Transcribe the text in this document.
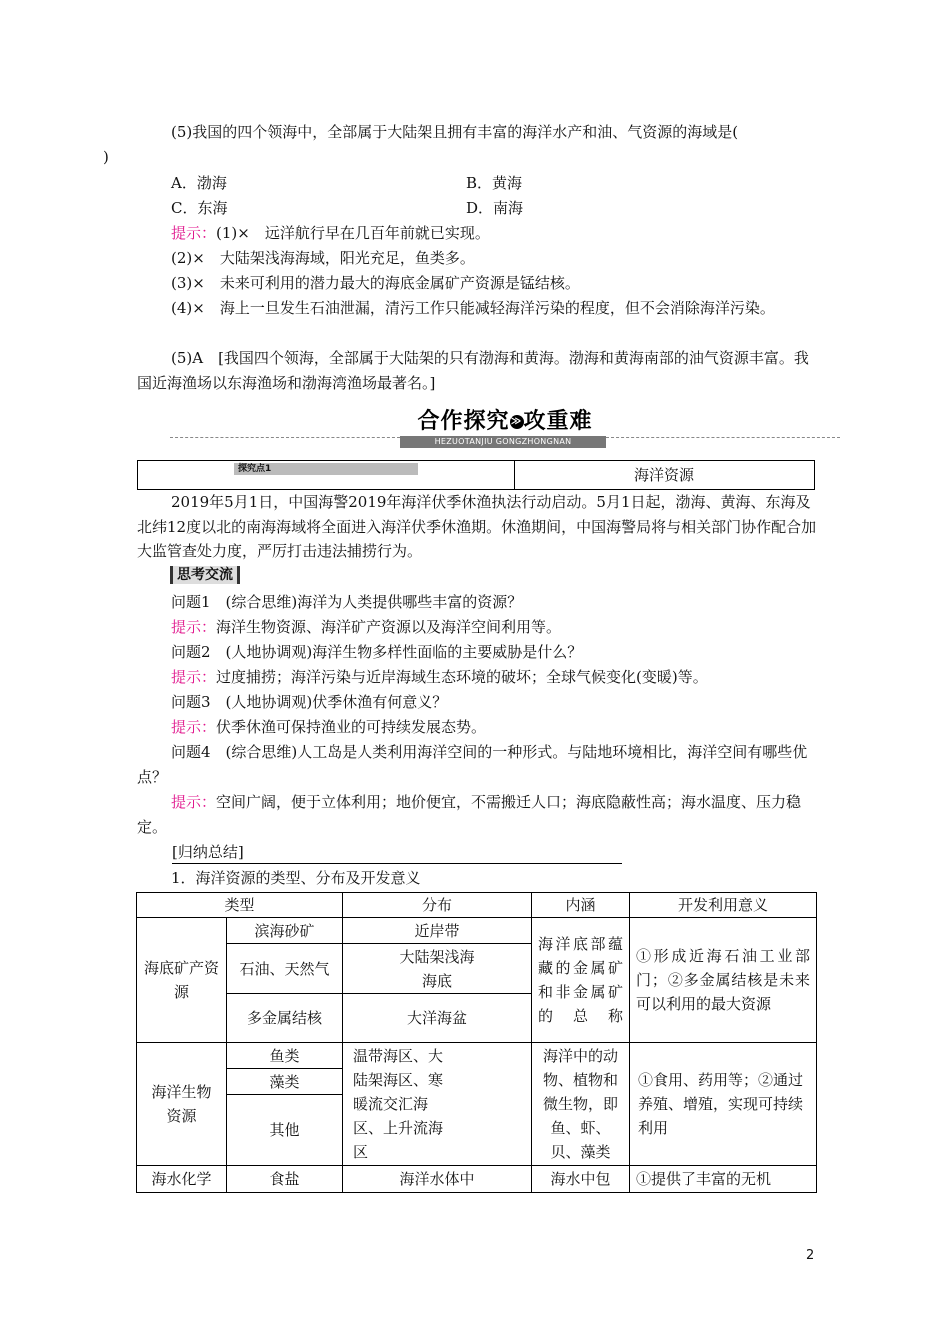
(5)我国的四个领海中，全部属于大陆架且拥有丰富的海洋水产和油、气资源的海域是(
)

A．渤海	B．黄海
C．东海	D．南海

提示：(1)×　远洋航行早在几百年前就已实现。

(2)×　大陆架浅海海域，阳光充足，鱼类多。

(3)×　未来可利用的潜力最大的海底金属矿产资源是锰结核。

(4)×　海上一旦发生石油泄漏，清污工作只能减轻海洋污染的程度，但不会消除海洋污染。

(5)A　[我国四个领海，全部属于大陆架的只有渤海和黄海。渤海和黄海南部的油气资源丰富。我国近海渔场以东海渔场和渤海湾渔场最著名。]

合作探究≫攻重难
HEZUOTANJIU GONGZHONGNAN
探究点1	海洋资源

2019年5月1日，中国海警2019年海洋伏季休渔执法行动启动。5月1日起，渤海、黄海、东海及北纬12度以北的南海海域将全面进入海洋伏季休渔期。休渔期间，中国海警局将与相关部门协作配合加大监管查处力度，严厉打击违法捕捞行为。

思考交流

问题1　(综合思维)海洋为人类提供哪些丰富的资源？

提示：海洋生物资源、海洋矿产资源以及海洋空间利用等。

问题2　(人地协调观)海洋生物多样性面临的主要威胁是什么？

提示：过度捕捞；海洋污染与近岸海域生态环境的破坏；全球气候变化(变暖)等。

问题3　(人地协调观)伏季休渔有何意义？

提示：伏季休渔可保持渔业的可持续发展态势。

问题4　(综合思维)人工岛是人类利用海洋空间的一种形式。与陆地环境相比，海洋空间有哪些优点？

提示：空间广阔，便于立体利用；地价便宜，不需搬迁人口；海底隐蔽性高；海水温度、压力稳定。

[归纳总结]

1．海洋资源的类型、分布及开发意义

类型		分布	内涵	开发利用意义
海底矿产资源	滨海砂矿	近岸带	海洋底部蕴藏的金属矿和非金属矿的总称	①形成近海石油工业部门；②多金属结核是未来可以利用的最大资源
	石油、天然气	大陆架浅海海底		
	多金属结核	大洋海盆		
海洋生物资源	鱼类	温带海区、大陆架海区、寒暖流交汇海区、上升流海区	海洋中的动物、植物和微生物，即鱼、虾、贝、藻类	①食用、药用等；②通过养殖、增殖，实现可持续利用
	藻类			
	其他			
海水化学	食盐	海洋水体中	海水中包	①提供了丰富的无机
2
